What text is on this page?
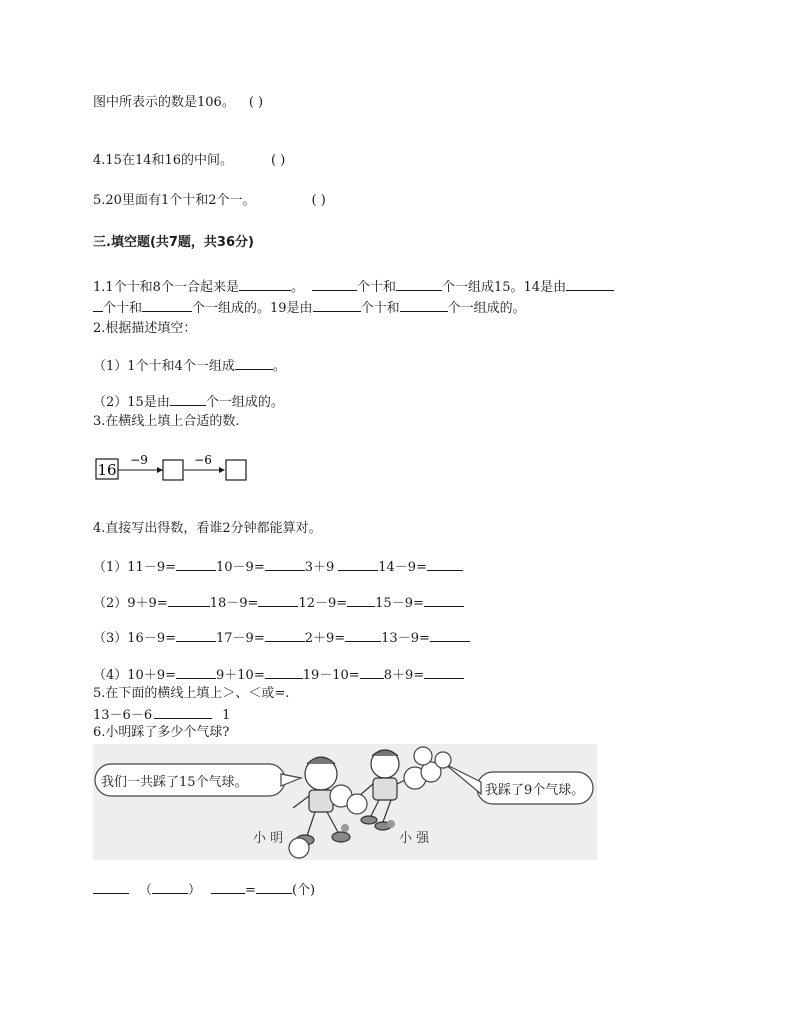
图中所表示的数是106。 ( )
4.15在14和16的中间。	( )
5.20里面有1个十和2个一。	( )
三.填空题(共7题，共36分)
1.1个十和8个一合起来是	。	个十和	个一组成15。14是由
个十和	个一组成的。19是由	个十和	个一组成的。
2.根据描述填空：
（1）1个十和4个一组成	。
（2）15是由	个一组成的。
3.在横线上填上合适的数.
16
−9	−6
4.直接写出得数，看谁2分钟都能算对。
（1）11－9=	10－9=	3＋9	14－9=
（2）9＋9=	18－9=	12－9= 15－9=
（3）16－9=	17－9=	2＋9=	13－9=
（4）10＋9=	9＋10=	19－10= 8＋9=
5.在下面的横线上填上＞、＜或=.
13－6－6	1
6.小明踩了多少个气球?
我们一共踩了15个气球。
我踩了9个气球。
小 明	小 强
（	）	=	(个)
